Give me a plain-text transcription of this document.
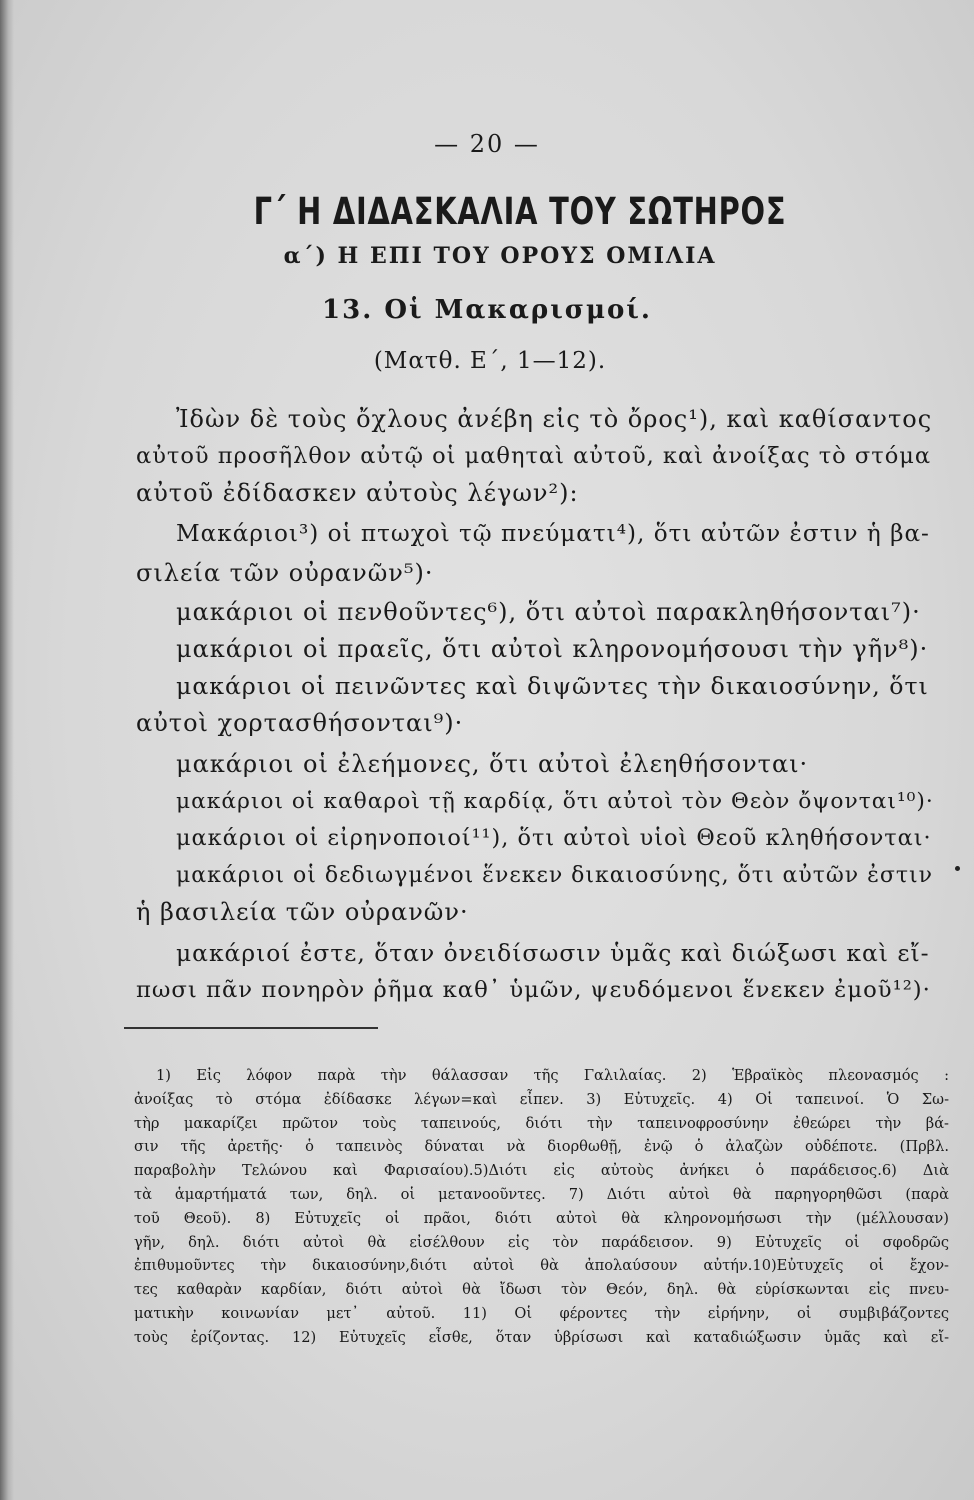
— 20 —
Γ΄ Η ΔΙΔΑΣΚΑΛΙΑ ΤΟΥ ΣΩΤΗΡΟΣ
α΄) Η ΕΠΙ ΤΟΥ ΟΡΟΥΣ ΟΜΙΛΙΑ
13. Οἱ Μακαρισμοί.
(Ματθ. Ε΄, 1—12).
Ἰδὼν δὲ τοὺς ὄχλους ἀνέβη εἰς τὸ ὄρος¹), καὶ καθίσαντος
αὐτοῦ προσῆλθον αὐτῷ οἱ μαθηταὶ αὐτοῦ, καὶ ἀνοίξας τὸ στόμα
αὐτοῦ ἐδίδασκεν αὐτοὺς λέγων²):
Μακάριοι³) οἱ πτωχοὶ τῷ πνεύματι⁴), ὅτι αὐτῶν ἐστιν ἡ βα-
σιλεία τῶν οὐρανῶν⁵)·
μακάριοι οἱ πενθοῦντες⁶), ὅτι αὐτοὶ παρακληθήσονται⁷)·
μακάριοι οἱ πραεῖς, ὅτι αὐτοὶ κληρονομήσουσι τὴν γῆν⁸)·
μακάριοι οἱ πεινῶντες καὶ διψῶντες τὴν δικαιοσύνην, ὅτι
αὐτοὶ χορτασθήσονται⁹)·
μακάριοι οἱ ἐλεήμονες, ὅτι αὐτοὶ ἐλεηθήσονται·
μακάριοι οἱ καθαροὶ τῇ καρδίᾳ, ὅτι αὐτοὶ τὸν Θεὸν ὄψονται¹⁰)·
μακάριοι οἱ εἰρηνοποιοί¹¹), ὅτι αὐτοὶ υἱοὶ Θεοῦ κληθήσονται·
μακάριοι οἱ δεδιωγμένοι ἕνεκεν δικαιοσύνης, ὅτι αὐτῶν ἐστιν
ἡ βασιλεία τῶν οὐρανῶν·
μακάριοί ἐστε, ὅταν ὀνειδίσωσιν ὑμᾶς καὶ διώξωσι καὶ εἴ-
πωσι πᾶν πονηρὸν ῥῆμα καθ᾽ ὑμῶν, ψευδόμενοι ἕνεκεν ἐμοῦ¹²)·
1) Εἰς λόφον παρὰ τὴν θάλασσαν τῆς Γαλιλαίας. 2) Ἑβραϊκὸς πλεονασμός :
ἀνοίξας τὸ στόμα ἐδίδασκε λέγων=καὶ εἶπεν. 3) Εὐτυχεῖς. 4) Οἱ ταπεινοί. Ὁ Σω-
τὴρ μακαρίζει πρῶτον τοὺς ταπεινούς, διότι τὴν ταπεινοφροσύνην ἐθεώρει τὴν βά-
σιν τῆς ἀρετῆς· ὁ ταπεινὸς δύναται νὰ διορθωθῇ, ἐνῷ ὁ ἀλαζὼν οὐδέποτε. (Πρβλ.
παραβολὴν Τελώνου καὶ Φαρισαίου).5)Διότι εἰς αὐτοὺς ἀνήκει ὁ παράδεισος.6) Διὰ
τὰ ἁμαρτήματά των, δηλ. οἱ μετανοοῦντες. 7) Διότι αὐτοὶ θὰ παρηγορηθῶσι (παρὰ
τοῦ Θεοῦ). 8) Εὐτυχεῖς οἱ πρᾶοι, διότι αὐτοὶ θὰ κληρονομήσωσι τὴν (μέλλουσαν)
γῆν, δηλ. διότι αὐτοὶ θὰ εἰσέλθουν εἰς τὸν παράδεισον. 9) Εὐτυχεῖς οἱ σφοδρῶς
ἐπιθυμοῦντες τὴν δικαιοσύνην,διότι αὐτοὶ θὰ ἀπολαύσουν αὐτήν.10)Εὐτυχεῖς οἱ ἔχον-
τες καθαρὰν καρδίαν, διότι αὐτοὶ θὰ ἴδωσι τὸν Θεόν, δηλ. θὰ εὑρίσκωνται εἰς πνευ-
ματικὴν κοινωνίαν μετ᾽ αὐτοῦ. 11) Οἱ φέροντες τὴν εἰρήνην, οἱ συμβιβάζοντες
τοὺς ἐρίζοντας. 12) Εὐτυχεῖς εἶσθε, ὅταν ὑβρίσωσι καὶ καταδιώξωσιν ὑμᾶς καὶ εἴ-
